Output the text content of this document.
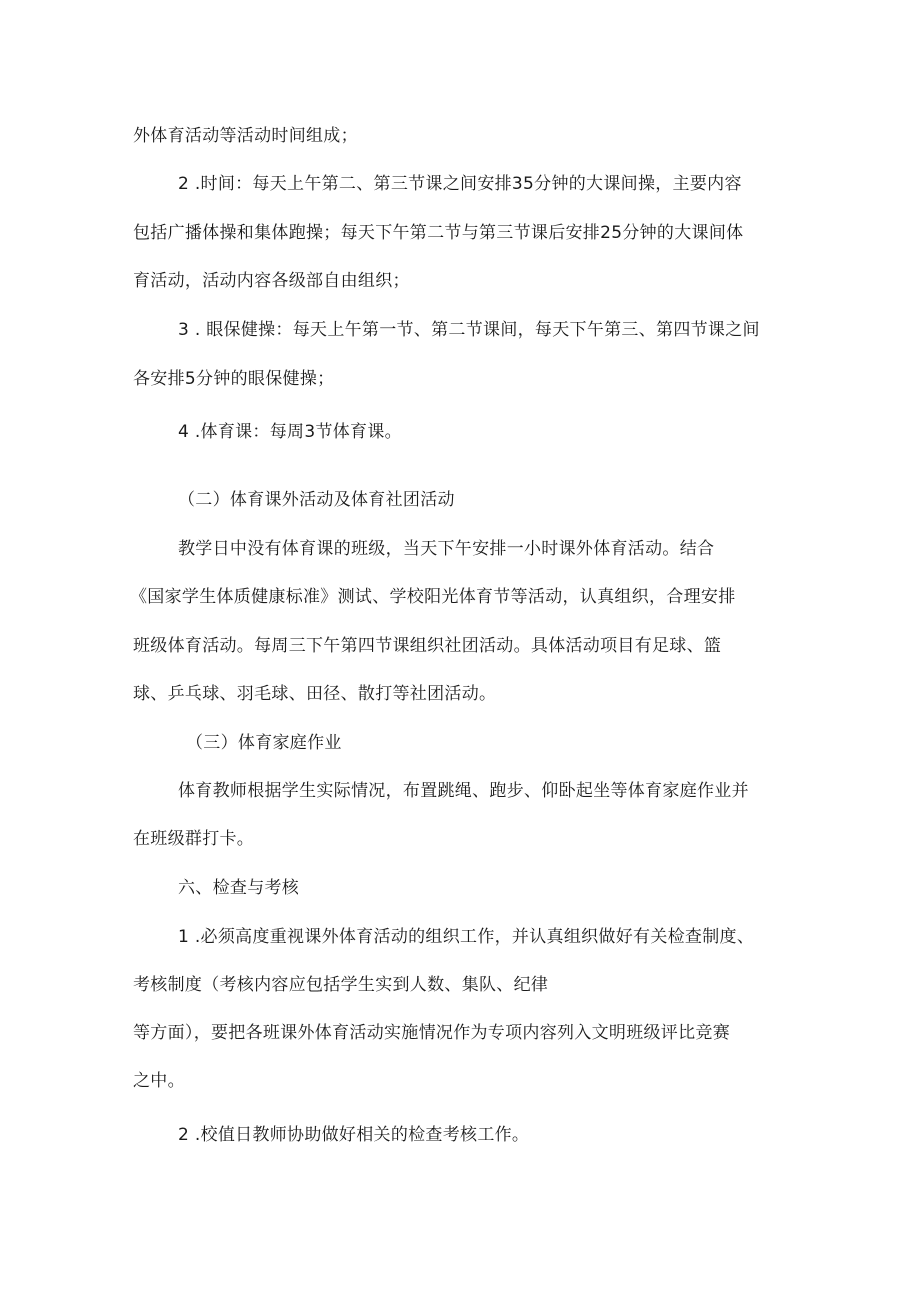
外体育活动等活动时间组成；
2 .时间：每天上午第二、第三节课之间安排35分钟的大课间操，主要内容
包括广播体操和集体跑操；每天下午第二节与第三节课后安排25分钟的大课间体
育活动，活动内容各级部自由组织；
3 . 眼保健操：每天上午第一节、第二节课间，每天下午第三、第四节课之间
各安排5分钟的眼保健操；
4 .体育课：每周3节体育课。
（二）体育课外活动及体育社团活动
教学日中没有体育课的班级，当天下午安排一小时课外体育活动。结合
《国家学生体质健康标准》测试、学校阳光体育节等活动，认真组织，合理安排
班级体育活动。每周三下午第四节课组织社团活动。具体活动项目有足球、篮
球、乒乓球、羽毛球、田径、散打等社团活动。
（三）体育家庭作业
体育教师根据学生实际情况，布置跳绳、跑步、仰卧起坐等体育家庭作业并
在班级群打卡。
六、检查与考核
1 .必须高度重视课外体育活动的组织工作，并认真组织做好有关检查制度、
考核制度（考核内容应包括学生实到人数、集队、纪律
等方面），要把各班课外体育活动实施情况作为专项内容列入文明班级评比竞赛
之中。
2 .校值日教师协助做好相关的检查考核工作。
